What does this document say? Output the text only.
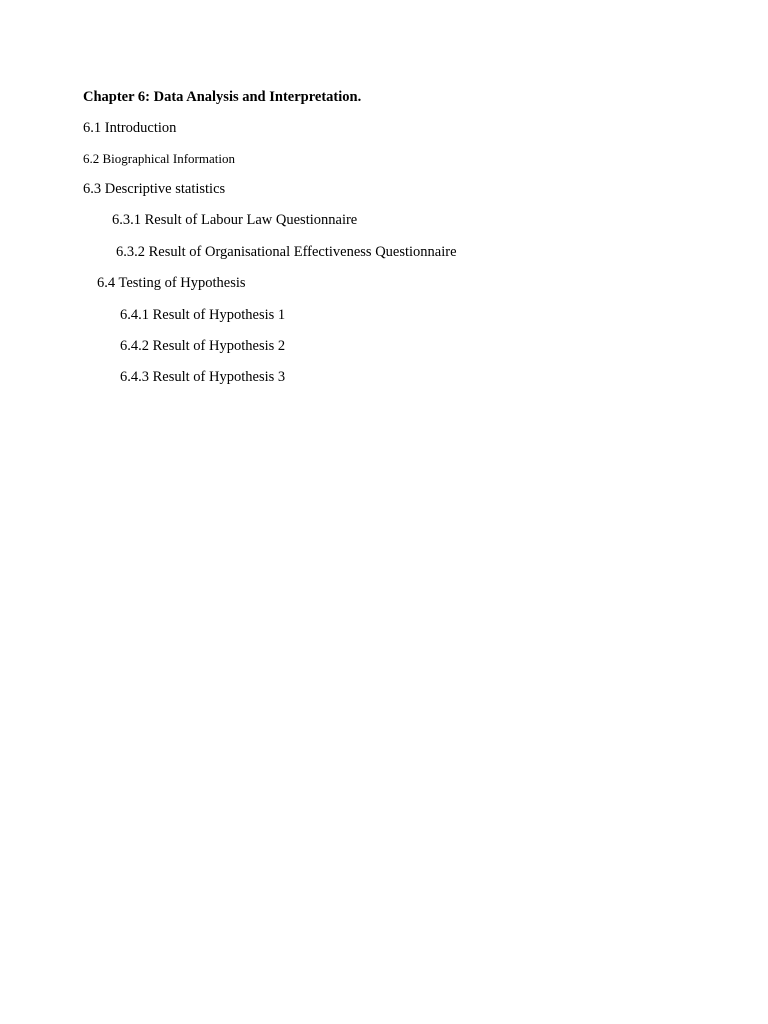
Chapter 6: Data Analysis and Interpretation.
6.1 Introduction
6.2 Biographical Information
6.3 Descriptive statistics
6.3.1 Result of Labour Law Questionnaire
6.3.2 Result of Organisational Effectiveness Questionnaire
6.4 Testing of Hypothesis
6.4.1 Result of Hypothesis 1
6.4.2 Result of Hypothesis 2
6.4.3 Result of Hypothesis 3
